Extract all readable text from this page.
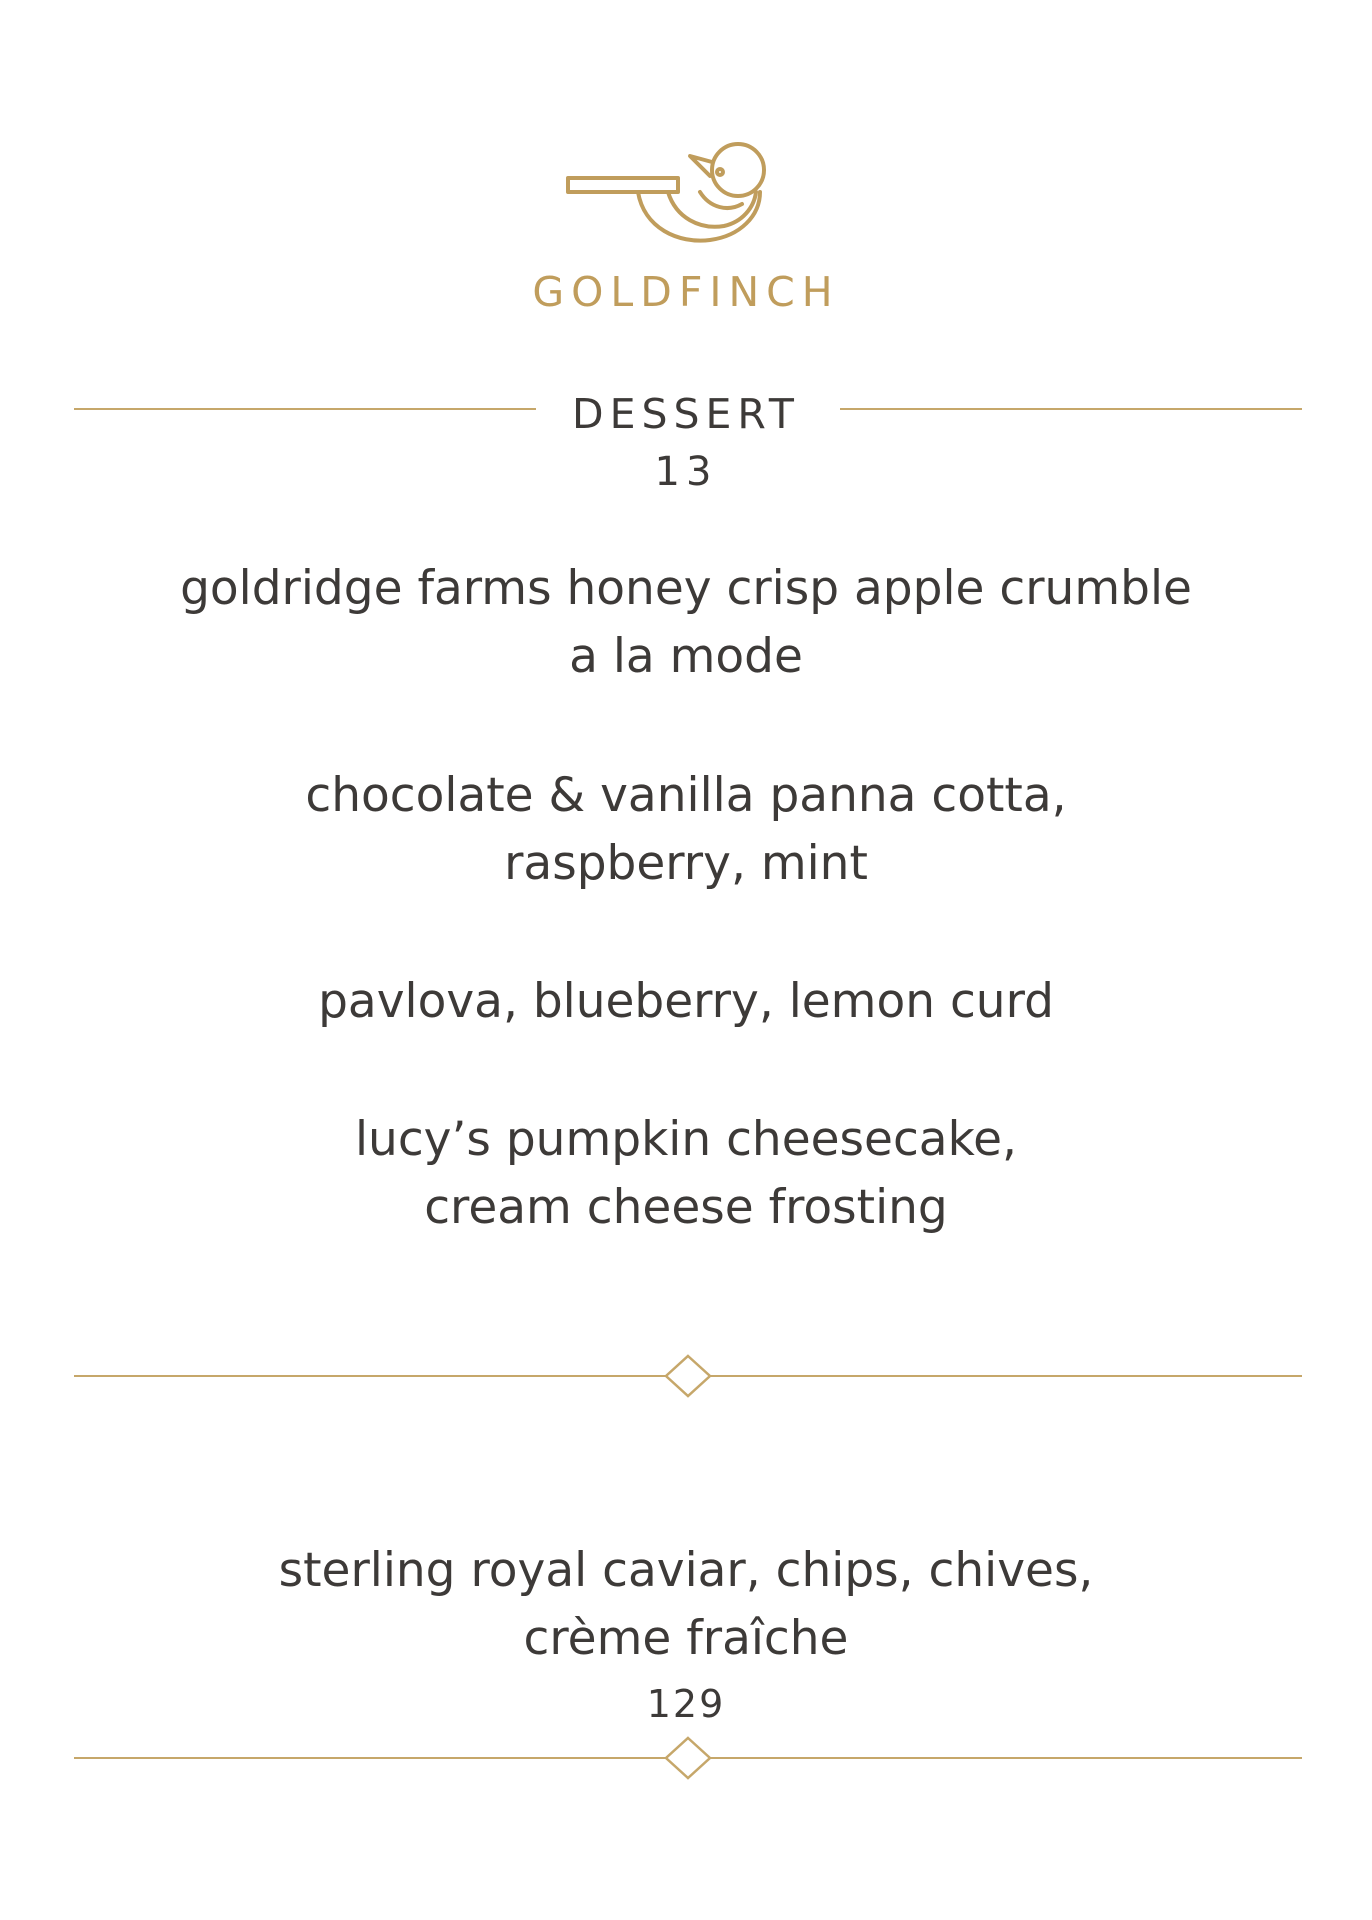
GOLDFINCH
DESSERT
13
goldridge farms honey crisp apple crumble
a la mode
chocolate & vanilla panna cotta,
raspberry, mint
pavlova, blueberry, lemon curd
lucy’s pumpkin cheesecake,
cream cheese frosting
sterling royal caviar, chips, chives,
crème fraîche
129
